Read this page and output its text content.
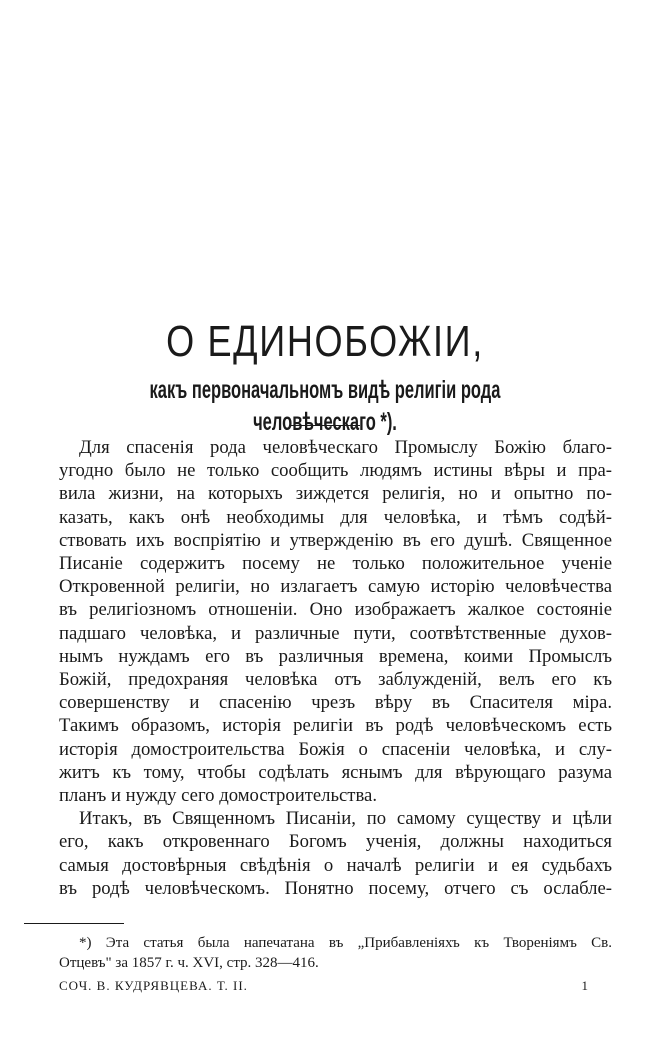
О ЕДИНОБОЖІИ,
какъ первоначальномъ видѣ религіи рода человѣческаго *).

Для спасенія рода человѣческаго Промыслу Божію благо-
угодно было не только сообщить людямъ истины вѣры и пра-
вила жизни, на которыхъ зиждется религія, но и опытно по-
казать, какъ онѣ необходимы для человѣка, и тѣмъ содѣй-
ствовать ихъ воспріятію и утвержденію въ его душѣ. Священное
Писаніе содержитъ посему не только положительное ученіе
Откровенной религіи, но излагаетъ самую исторію человѣчества
въ религіозномъ отношеніи. Оно изображаетъ жалкое состояніе
падшаго человѣка, и различные пути, соотвѣтственные духов-
нымъ нуждамъ его въ различныя времена, коими Промыслъ
Божій, предохраняя человѣка отъ заблужденій, велъ его къ
совершенству и спасенію чрезъ вѣру въ Спасителя міра.
Такимъ образомъ, исторія религіи въ родѣ человѣческомъ есть
исторія домостроительства Божія о спасеніи человѣка, и слу-
житъ къ тому, чтобы содѣлать яснымъ для вѣрующаго разума
планъ и нужду сего домостроительства.

Итакъ, въ Священномъ Писаніи, по самому существу и цѣли
его, какъ откровеннаго Богомъ ученія, должны находиться
самыя достовѣрныя свѣдѣнія о началѣ религіи и ея судьбахъ
въ родѣ человѣческомъ. Понятно посему, отчего съ ослабле-

*) Эта статья была напечатана въ „Прибавленіяхъ къ Твореніямъ Св.
Отцевъ" за 1857 г. ч. XVI, стр. 328—416.
СОЧ. В. КУДРЯВЦЕВА. Т. II.	1
